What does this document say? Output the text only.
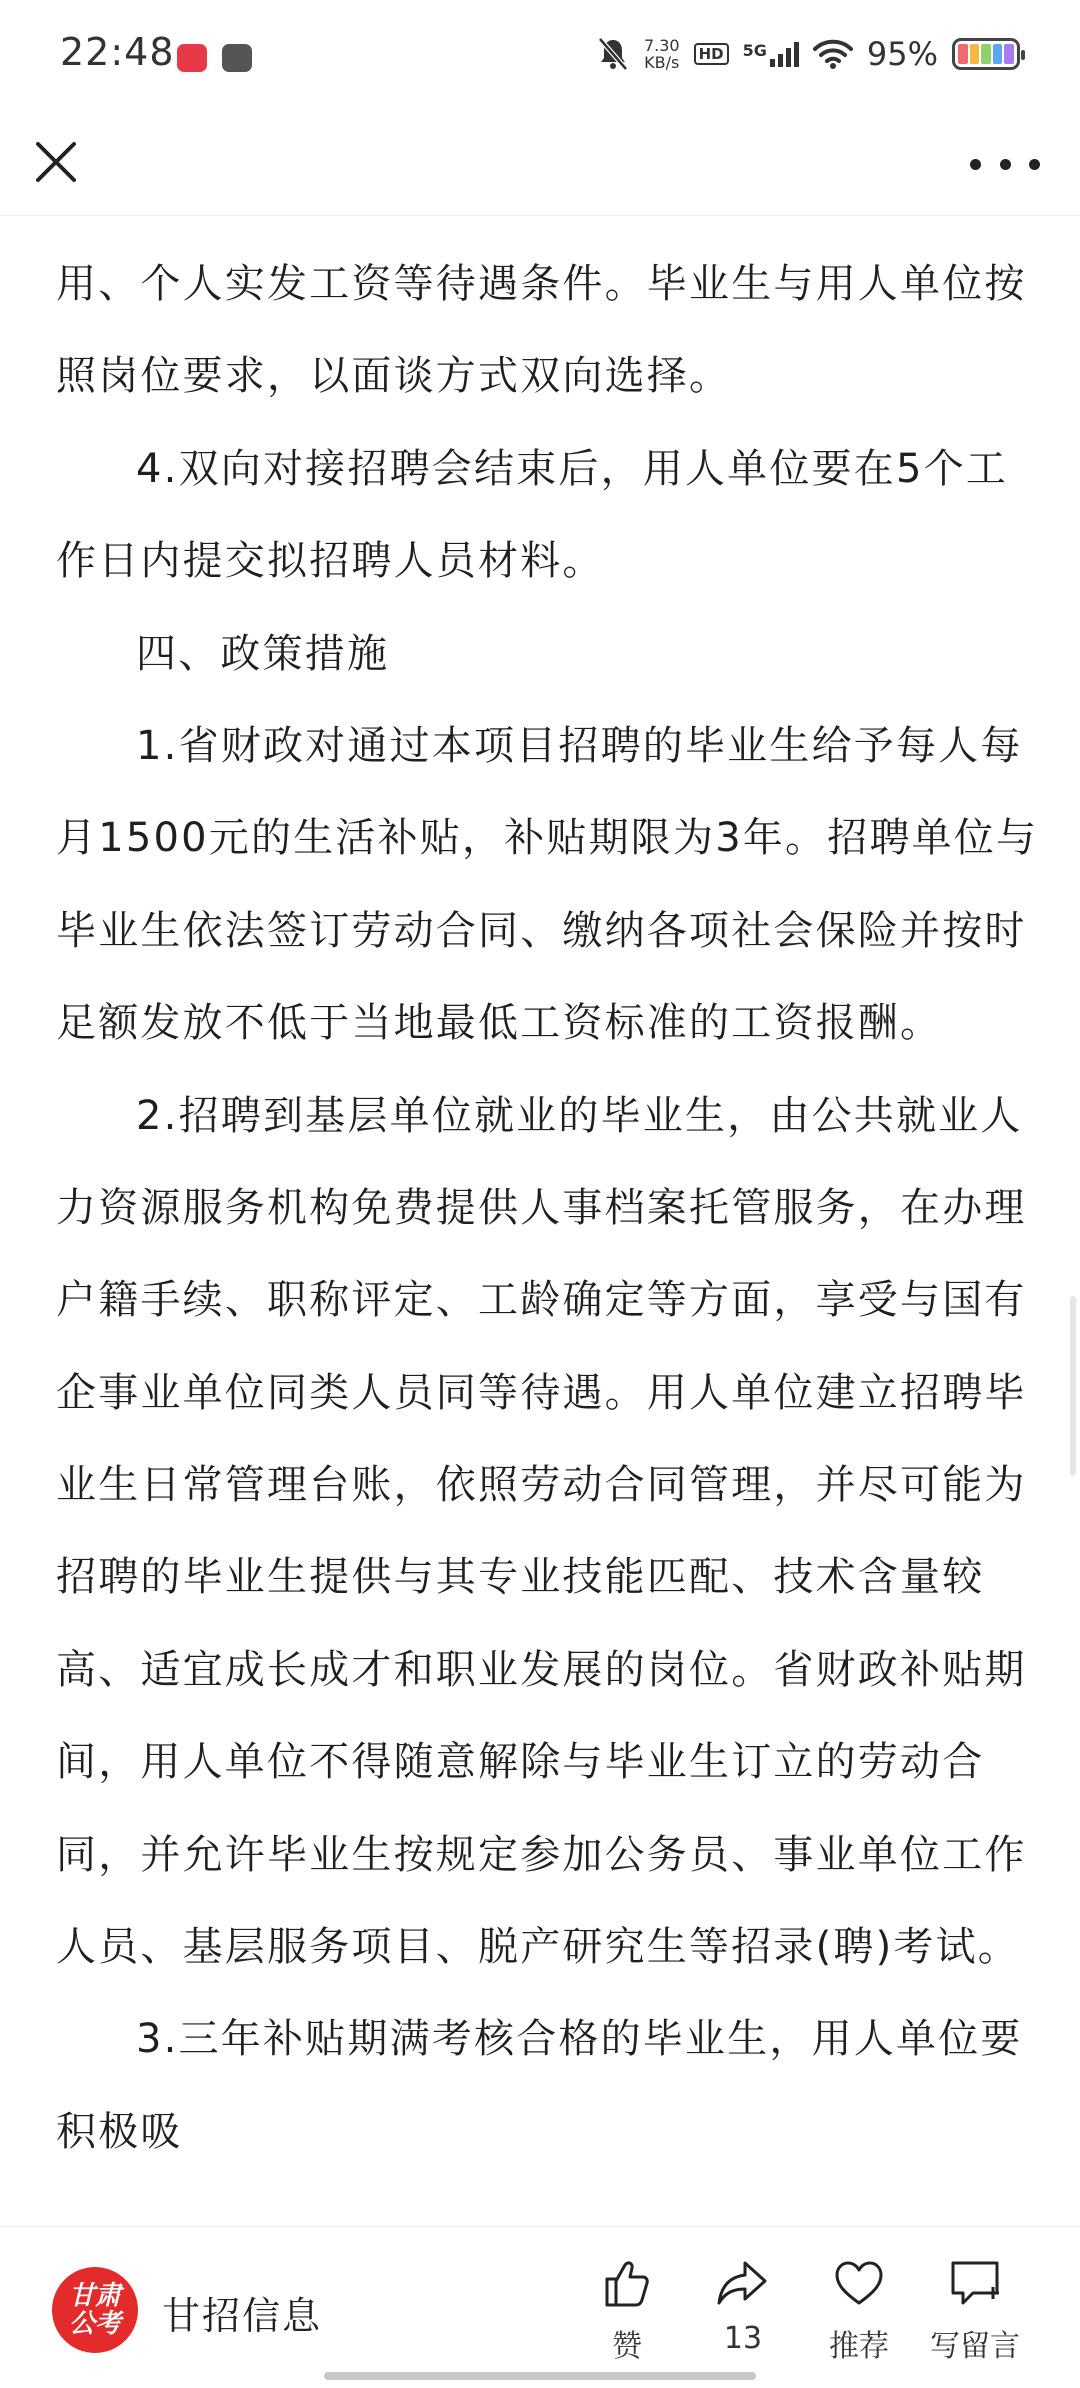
22:48	7.30
KB/s	HD	5G	95%
用、个人实发工资等待遇条件。毕业生与用人单位按
照岗位要求，以面谈方式双向选择。
4.双向对接招聘会结束后，用人单位要在5个工
作日内提交拟招聘人员材料。
四、政策措施
1.省财政对通过本项目招聘的毕业生给予每人每
月1500元的生活补贴，补贴期限为3年。招聘单位与
毕业生依法签订劳动合同、缴纳各项社会保险并按时
足额发放不低于当地最低工资标准的工资报酬。
2.招聘到基层单位就业的毕业生，由公共就业人
力资源服务机构免费提供人事档案托管服务，在办理
户籍手续、职称评定、工龄确定等方面，享受与国有
企事业单位同类人员同等待遇。用人单位建立招聘毕
业生日常管理台账，依照劳动合同管理，并尽可能为
招聘的毕业生提供与其专业技能匹配、技术含量较
高、适宜成长成才和职业发展的岗位。省财政补贴期
间，用人单位不得随意解除与毕业生订立的劳动合
同，并允许毕业生按规定参加公务员、事业单位工作
人员、基层服务项目、脱产研究生等招录(聘)考试。
3.三年补贴期满考核合格的毕业生，用人单位要
积极吸
甘肃
公考 甘招信息
赞	13	推荐	写留言
